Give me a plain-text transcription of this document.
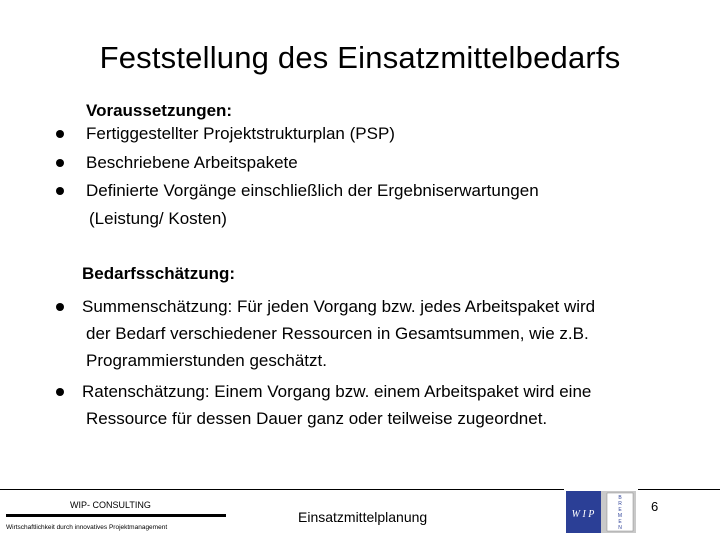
Feststellung des Einsatzmittelbedarfs
Voraussetzungen:
Fertiggestellter Projektstrukturplan (PSP)
Beschriebene Arbeitspakete
Definierte Vorgänge einschließlich der Ergebniserwartungen
(Leistung/ Kosten)
Bedarfsschätzung:
Summenschätzung: Für jeden Vorgang bzw. jedes Arbeitspaket wird
der Bedarf verschiedener Ressourcen in Gesamtsummen, wie z.B.
Programmierstunden geschätzt.
Ratenschätzung: Einem Vorgang bzw. einem Arbeitspaket wird eine
Ressource für dessen Dauer ganz oder teilweise zugeordnet.
WIP- CONSULTING
Wirtschaftlichkeit durch innovatives Projektmanagement
Einsatzmittelplanung
6
W I P
B
R
E
M
E
N
